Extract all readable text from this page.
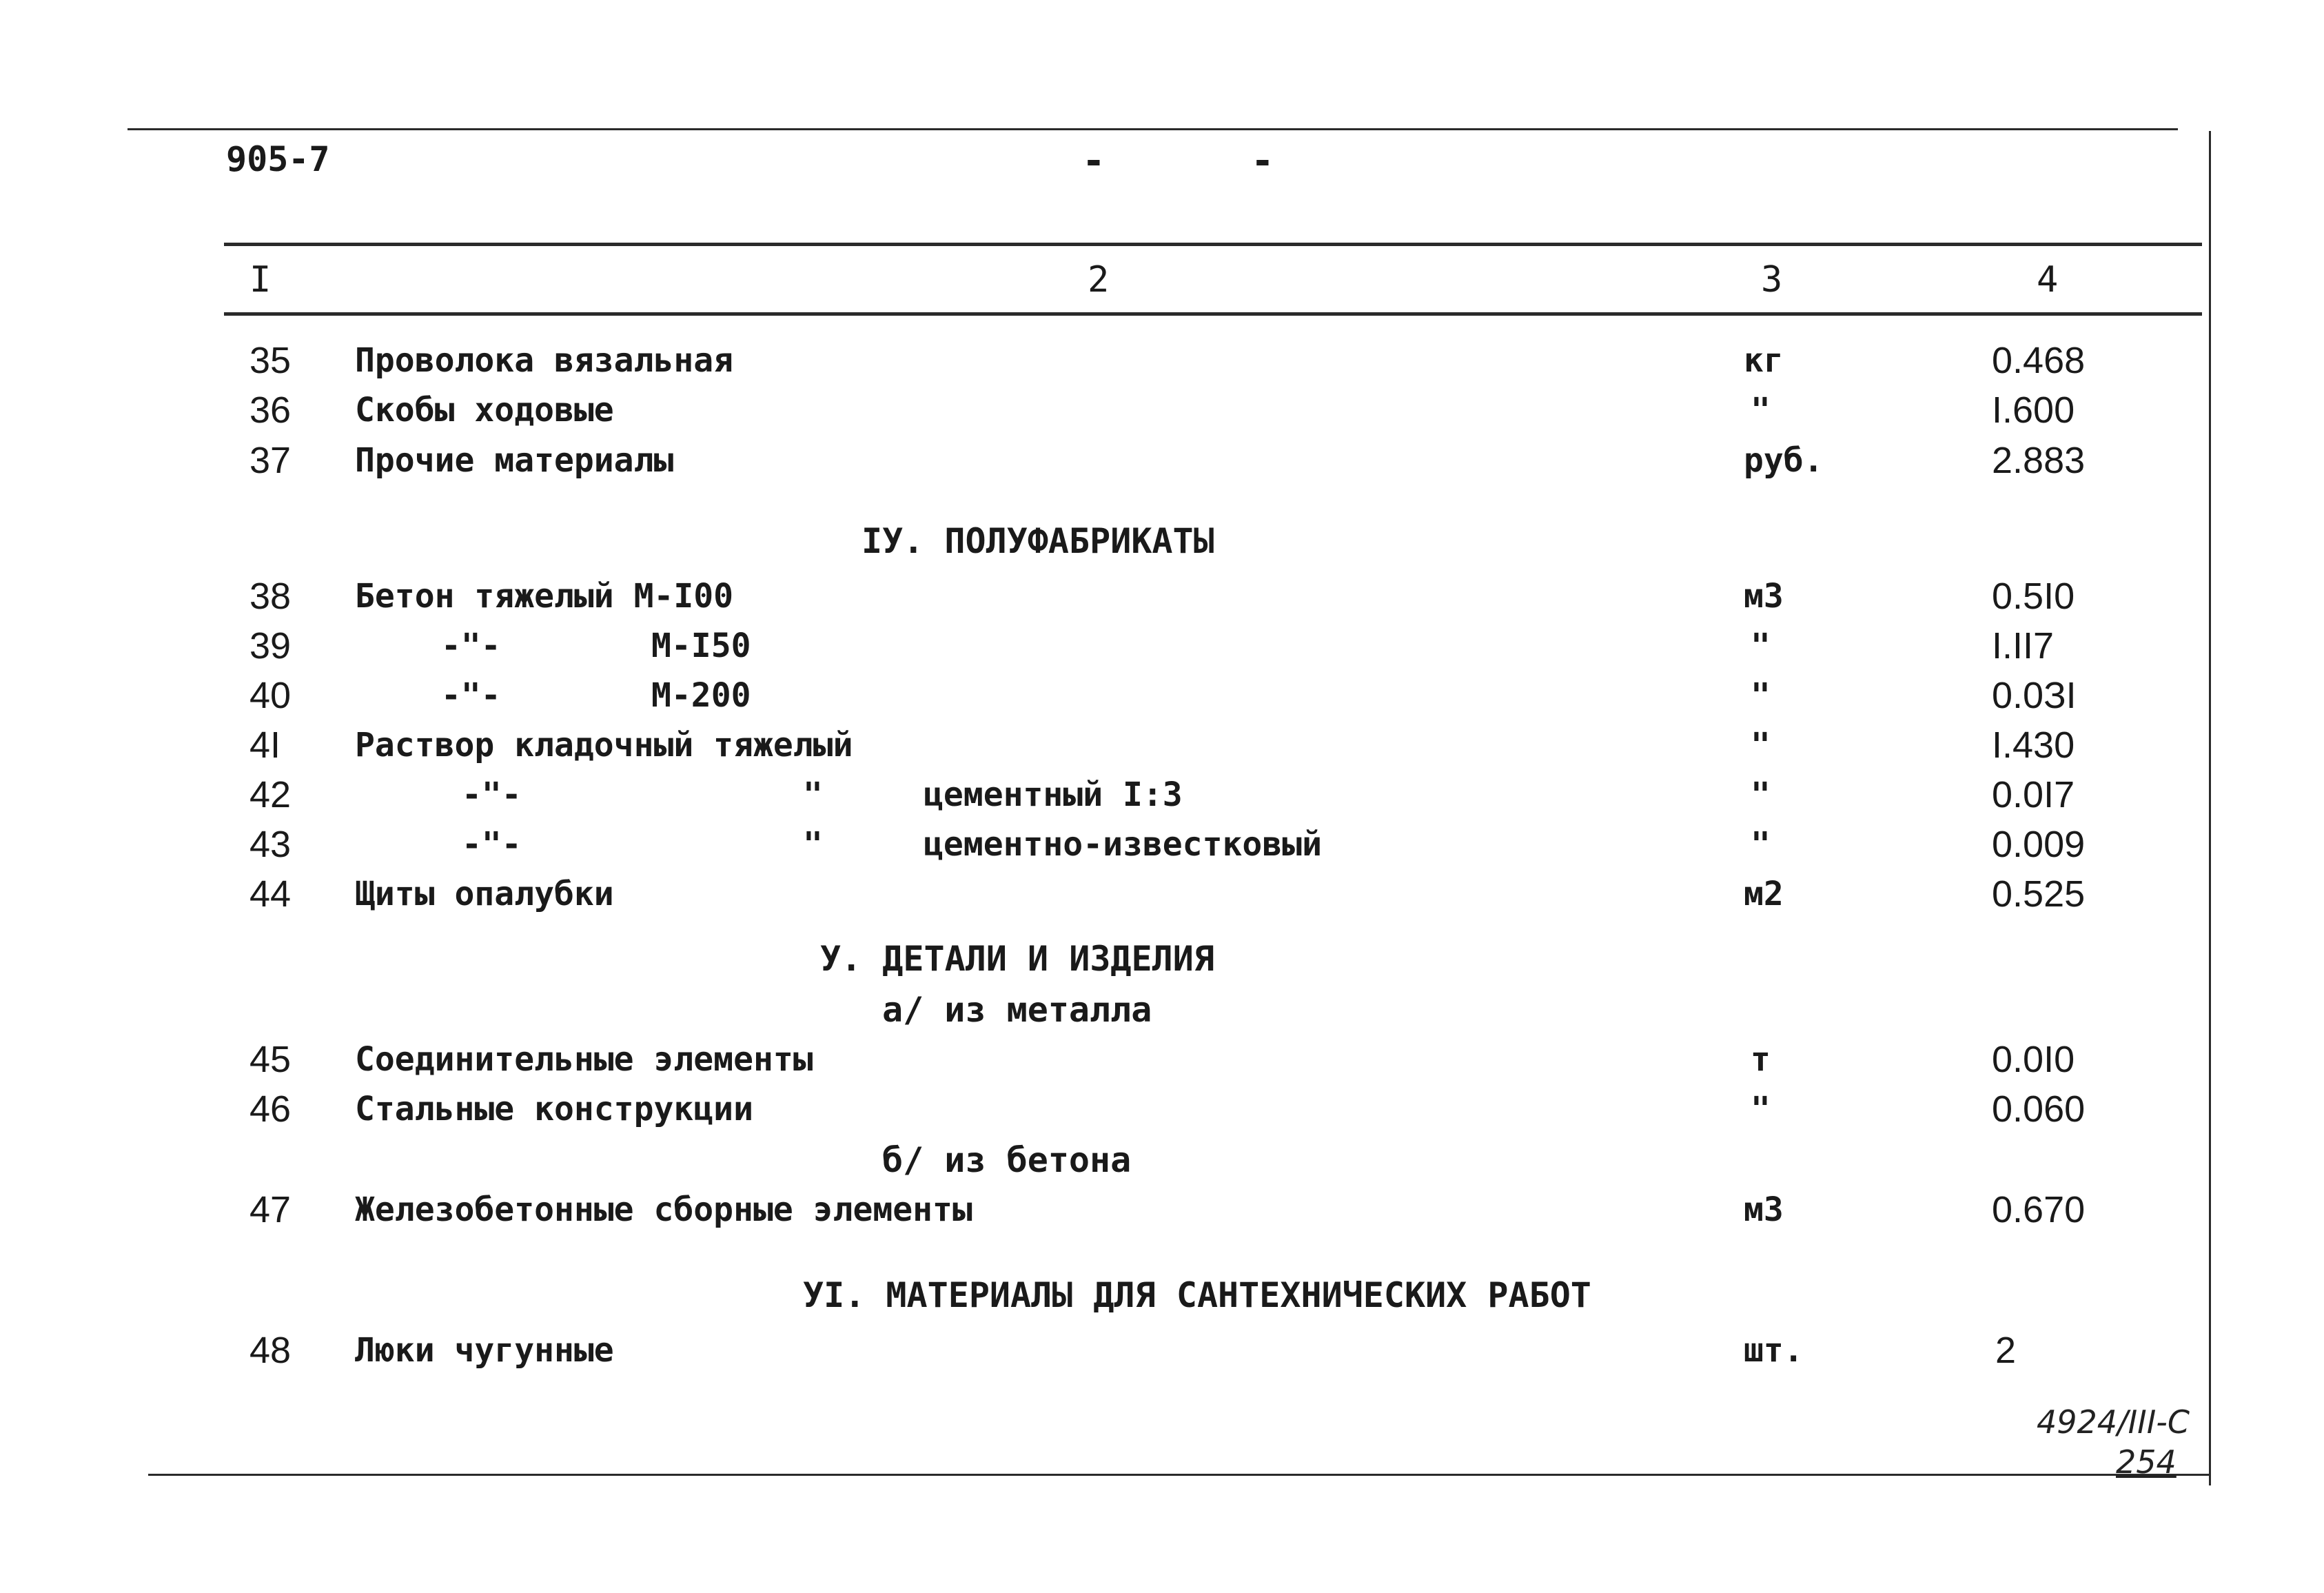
905-7	-	-
I	2	3	4
35 Проволока вязальная	кг	0.468
36 Скобы ходовые	"	I.600
37 Прочие материалы	руб.	2.883
IУ. ПОЛУФАБРИКАТЫ
38 Бетон тяжелый М-I00	м3	0.5I0
39	-"-	М-I50	"	I.II7
40	-"-	М-200	"	0.0ЗI
4I Раствор кладочный тяжелый	"	I.430
42	-"-	"	цементный I:3	"	0.0I7
43	-"-	"	цементно-известковый	"	0.009
44 Щиты опалубки	м2	0.525
У. ДЕТАЛИ И ИЗДЕЛИЯ
а/ из металла
45 Соединительные элементы	т	0.0I0
46 Стальные конструкции	"	0.060
б/ из бетона
47 Железобетонные сборные элементы	м3	0.670
УI. МАТЕРИАЛЫ ДЛЯ САНТЕХНИЧЕСКИХ РАБОТ
48 Люки чугунные	шт.	2
4924/III-С
254
